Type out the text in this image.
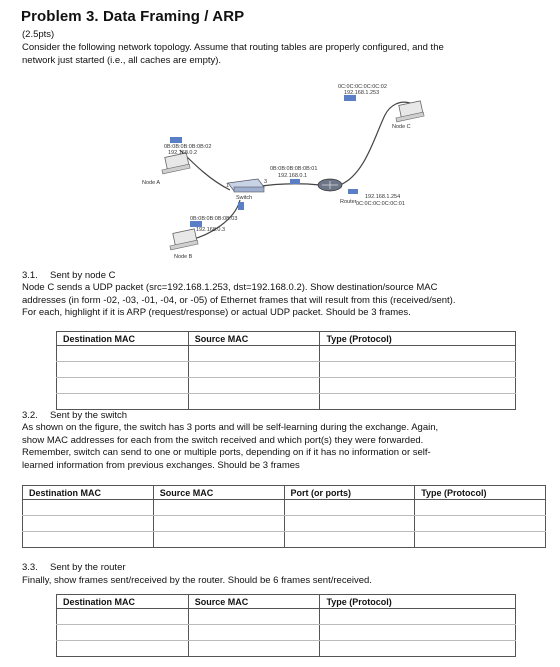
Problem 3. Data Framing / ARP
(2.5pts)
Consider the following network topology. Assume that routing tables are properly configured, and the
network just started (i.e., all caches are empty).
0B:0B:0B:0B:0B:02
192.168.0.2
Node A
0B:0B:0B:0B:0B:03
192.168.0.3
Node B
Switch
1
3
0B:0B:0B:0B:0B:01
192.168.0.1
Router
192.168.1.254
0C:0C:0C:0C:0C:01
0C:0C:0C:0C:0C:02
192.168.1.253
Node C
3.1. Sent by node C
Node C sends a UDP packet (src=192.168.1.253, dst=192.168.0.2). Show destination/source MAC
addresses (in form -02, -03, -01, -04, or -05) of Ethernet frames that will result from this (received/sent).
For each, highlight if it is ARP (request/response) or actual UDP packet. Should be 3 frames.
Destination MAC	Source MAC	Type (Protocol)

3.2. Sent by the switch
As shown on the figure, the switch has 3 ports and will be self-learning during the exchange. Again,
show MAC addresses for each from the switch received and which port(s) they were forwarded.
Remember, switch can send to one or multiple ports, depending on if it has no information or self-
learned information from previous exchanges. Should be 3 frames
Destination MAC	Source MAC	Port (or ports)	Type (Protocol)

3.3. Sent by the router
Finally, show frames sent/received by the router. Should be 6 frames sent/received.
Destination MAC	Source MAC	Type (Protocol)
